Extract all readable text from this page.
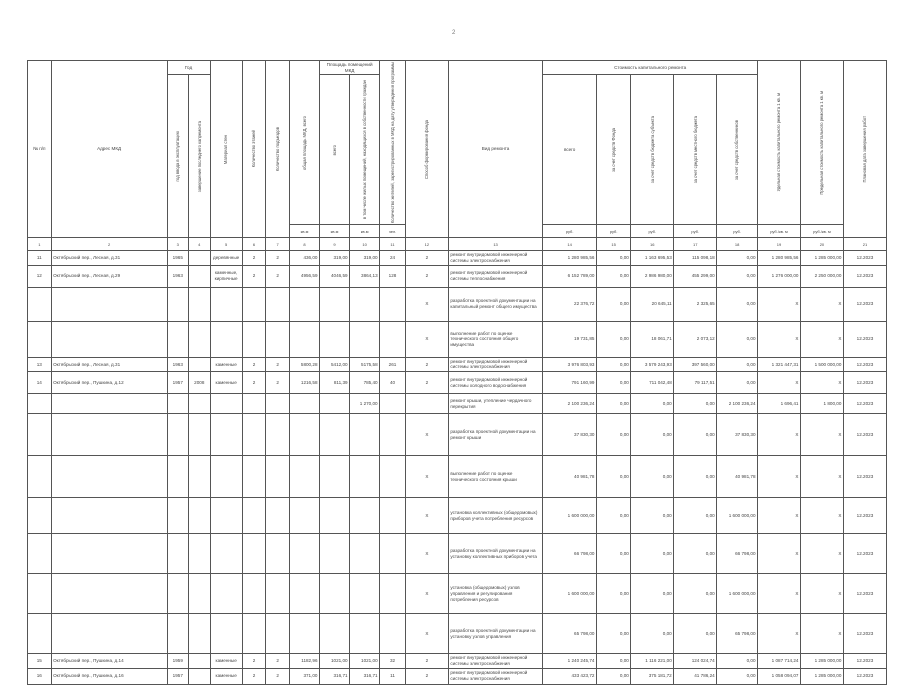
2
№ п/п	Адрес МКД	Год		Материал стен	Количество этажей	Количество подъездов	общая площадь МКД, всего	Площадь помещений МКД		Количество жителей, зарегистрированных в МКД на дату утверждения программы	Способ формирования фонда	Вид ремонта	Стоимость капитального ремонта					Удельная стоимость капитального ремонта 1 кв. м	Предельная стоимость капитального ремонта 1 кв. м	Плановая дата завершения работ

		год ввода в эксплуатацию	завершение последнего капремонта					всего	в том числе жилых помещений, находящихся в собственности граждан				всего	за счет средств Фонда	за счет средств бюджета субъекта	за счет средств местного бюджета	за счет средств собственников			

							кв.м	кв.м	кв.м	чел.			руб.	руб.	руб.	руб.	руб.	руб./кв. м	руб./кв. м	
1	2	3	4	5	6	7	8	9	10	11	12	13	14	15	16	17	18	19	20	21
11	Октябрьский пер., Лесная, д.31	1965		деревянные	2	2	436,00	319,00	319,00	24	2	ремонт внутридомовой инженерной системы электроснабжения	1 280 985,56	0,00	1 163 695,53	115 098,18	0,00	1 280 985,56	1 285 000,00	12.2023
12	Октябрьский пер., Лесная, д.29	1963		каменные, кирпичные	2	2	4956,59	4046,59	3864,13	128	2	ремонт внутридомовой инженерной системы теплоснабжения	6 152 789,00	0,00	2 986 980,00	455 299,00	0,00	1 276 000,00	2 250 000,00	12.2023
											Х	разработка проектной документации на капитальный ремонт общего имущества	22 376,72	0,00	20 645,11	2 325,65	0,00	Х	Х	12.2023
											Х	выполнение работ по оценке технического состояния общего имущества	19 731,85	0,00	18 061,71	2 073,12	0,00	Х	Х	12.2023
13	Октябрьский пер., Лесная, д.31	1963		каменные	2	2	5800,28	5412,00	5175,58	261	2	ремонт внутридомовой инженерной системы электроснабжения	3 976 803,93	0,00	3 579 243,93	397 560,00	0,00	1 321 447,31	1 500 000,00	12.2023
14	Октябрьский пер., Пушкина, д.12	1957	2008	каменные	2	2	1216,58	811,39	785,40	40	2	ремонт внутридомовой инженерной системы холодного водоснабжения	791 160,99	0,00	711 042,48	79 117,51	0,00	Х	Х	12.2023
									1 270,00			ремонт крыши, утепление чердачного перекрытия	2 100 236,24	0,00	0,00	0,00	2 100 236,24	1 696,41	1 800,00	12.2023
											Х	разработка проектной документации на ремонт крыши	37 830,30	0,00	0,00	0,00	37 830,30	Х	Х	12.2023
											Х	выполнение работ по оценке технического состояния крыши	40 981,78	0,00	0,00	0,00	40 981,78	Х	Х	12.2023
											Х	установка коллективных (общедомовых) приборов учета потребления ресурсов	1 600 000,00	0,00	0,00	0,00	1 600 000,00	Х	Х	12.2023
											Х	разработка проектной документации на установку коллективных приборов учета	66 798,00	0,00	0,00	0,00	66 798,00	Х	Х	12.2023
											Х	установка (общедомовых) узлов управления и регулирования потребления ресурсов	1 600 000,00	0,00	0,00	0,00	1 600 000,00	Х	Х	12.2023
											Х	разработка проектной документации на установку узлов управления	65 798,00	0,00	0,00	0,00	65 798,00	Х	Х	12.2023
15	Октябрьский пер., Пушкина, д.14	1959		каменные	2	2	1182,96	1021,00	1021,00	32	2	ремонт внутридомовой инженерной системы электроснабжения	1 240 245,74	0,00	1 116 221,00	124 024,74	0,00	1 087 714,24	1 285 000,00	12.2023
16	Октябрьский пер., Пушкина, д.16	1957		каменные	2	2	371,00	316,71	316,71	11	2	ремонт внутридомовой инженерной системы электроснабжения	433 423,72	0,00	375 181,72	41 786,24	0,00	1 058 094,07	1 285 000,00	12.2023
